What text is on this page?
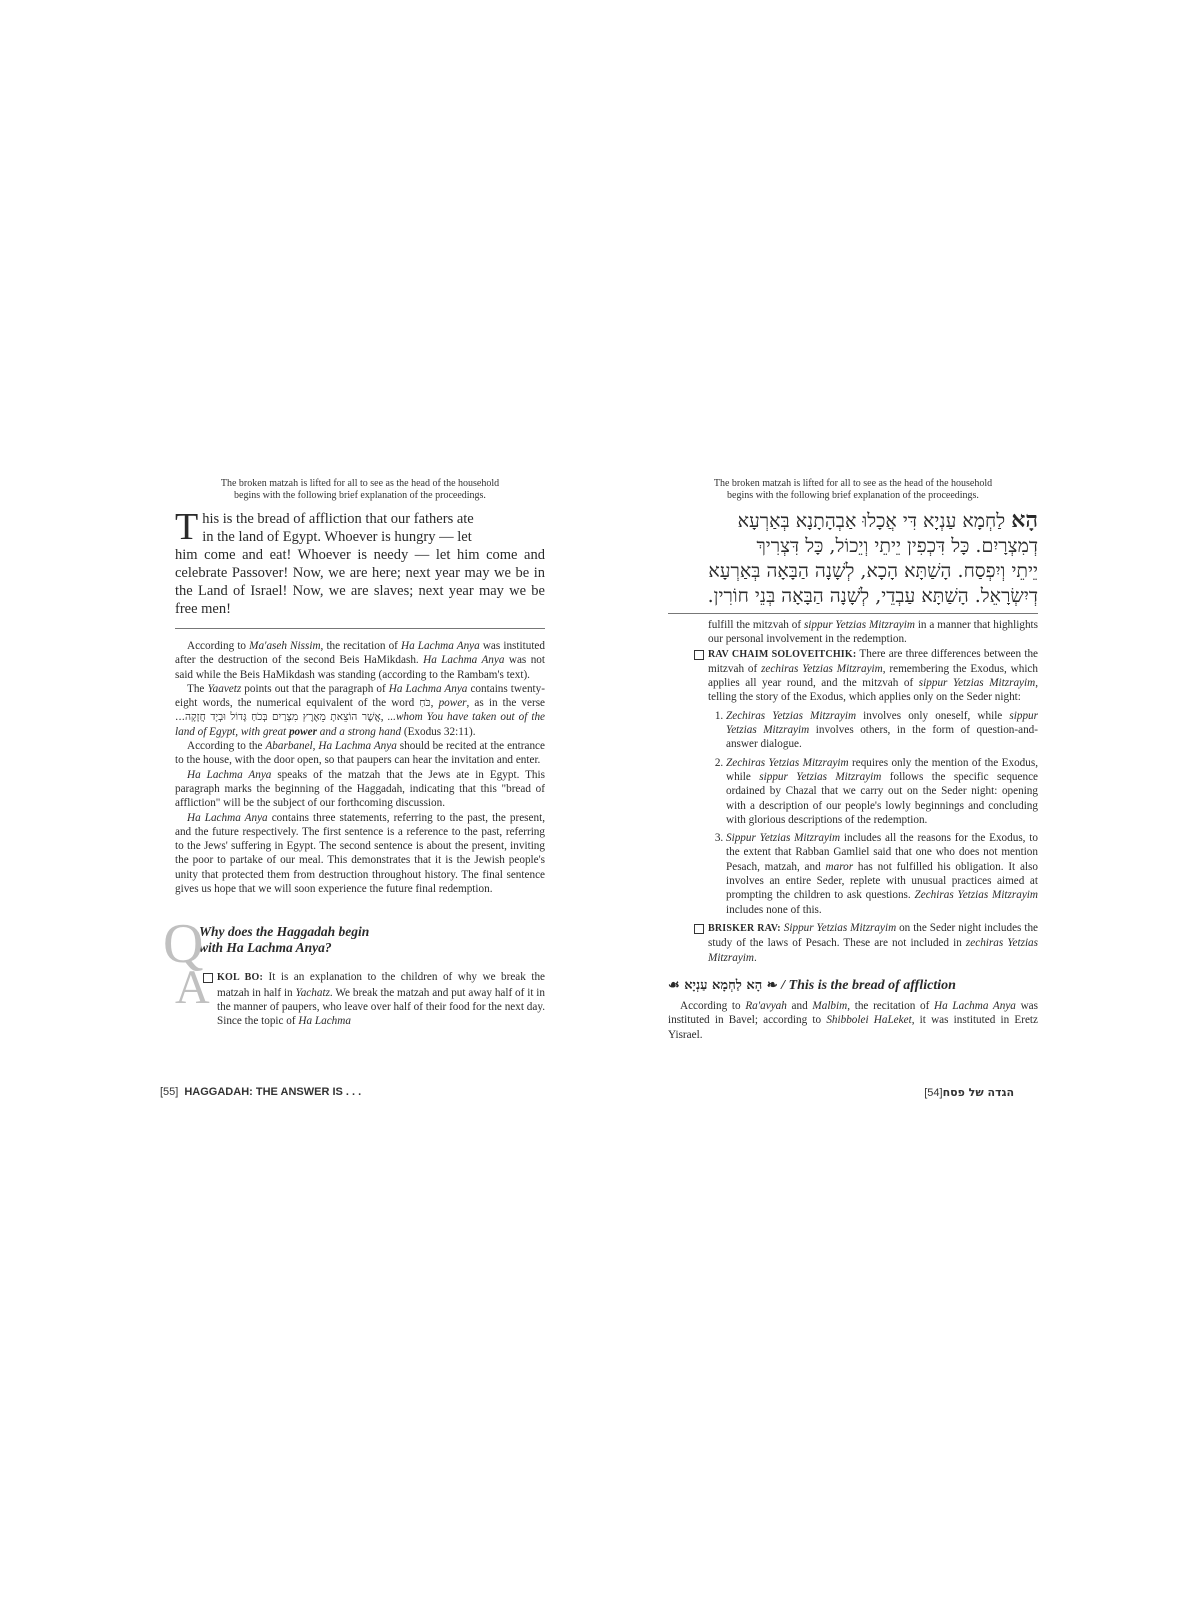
The broken matzah is lifted for all to see as the head of the household
begins with the following brief explanation of the proceedings.
T his is the bread of affliction that our fathers ate
in the land of Egypt. Whoever is hungry — let
him come and eat! Whoever is needy — let him come and celebrate Passover! Now, we are here; next year may we be in the Land of Israel! Now, we are slaves; next year may we be free men!

According to Ma'aseh Nissim, the recitation of Ha Lachma Anya was instituted after the destruction of the second Beis HaMikdash. Ha Lachma Anya was not said while the Beis HaMikdash was standing (according to the Rambam's text).

The Yaavetz points out that the paragraph of Ha Lachma Anya contains twenty-eight words, the numerical equivalent of the word כֹּחַ, power, as in the verse ...אֲשֶׁר הוֹצֵאתָ מֵאֶרֶץ מִצְרַיִם בְּכֹחַ גָּדוֹל וּבְיָד חֲזָקָה, ...whom You have taken out of the land of Egypt, with great power and a strong hand (Exodus 32:11).

According to the Abarbanel, Ha Lachma Anya should be recited at the entrance to the house, with the door open, so that paupers can hear the invitation and enter.

Ha Lachma Anya speaks of the matzah that the Jews ate in Egypt. This paragraph marks the beginning of the Haggadah, indicating that this "bread of affliction" will be the subject of our forthcoming discussion.

Ha Lachma Anya contains three statements, referring to the past, the present, and the future respectively. The first sentence is a reference to the past, referring to the Jews' suffering in Egypt. The second sentence is about the present, inviting the poor to partake of our meal. This demonstrates that it is the Jewish people's unity that protected them from destruction throughout history. The final sentence gives us hope that we will soon experience the future final redemption.

Q
Why does the Haggadah begin
with Ha Lachma Anya?
A KOL BO: It is an explanation to the children of why we break the matzah in half in Yachatz. We break the matzah and put away half of it in the manner of paupers, who leave over half of their food for the next day. Since the topic of Ha Lachma
[55] HAGGADAH: THE ANSWER IS . . .
The broken matzah is lifted for all to see as the head of the household
begins with the following brief explanation of the proceedings.
הָא לַחְמָא עַנְיָא דִּי אֲכָלוּ אַבְהָתָנָא בְּאַרְעָא
דְמִצְרָיִם. כָּל דִּכְפִין יֵיתֵי וְיֵכוֹל, כָּל דִּצְרִיךְ
יֵיתֵי וְיִפְסַח. הָשַׁתָּא הָכָא, לְשָׁנָה הַבָּאָה בְּאַרְעָא
דְיִשְׂרָאֵל. הָשַׁתָּא עַבְדֵי, לְשָׁנָה הַבָּאָה בְּנֵי חוֹרִין.
fulfill the mitzvah of sippur Yetzias Mitzrayim in a manner that highlights our personal involvement in the redemption.
RAV CHAIM SOLOVEITCHIK: There are three differences between the mitzvah of zechiras Yetzias Mitzrayim, remembering the Exodus, which applies all year round, and the mitzvah of sippur Yetzias Mitzrayim, telling the story of the Exodus, which applies only on the Seder night:
1. Zechiras Yetzias Mitzrayim involves only oneself, while sippur Yetzias Mitzrayim involves others, in the form of question-and-answer dialogue.
2. Zechiras Yetzias Mitzrayim requires only the mention of the Exodus, while sippur Yetzias Mitzrayim follows the specific sequence ordained by Chazal that we carry out on the Seder night: opening with a description of our people's lowly beginnings and concluding with glorious descriptions of the redemption.
3. Sippur Yetzias Mitzrayim includes all the reasons for the Exodus, to the extent that Rabban Gamliel said that one who does not mention Pesach, matzah, and maror has not fulfilled his obligation. It also involves an entire Seder, replete with unusual practices aimed at prompting the children to ask questions. Zechiras Yetzias Mitzrayim includes none of this.
BRISKER RAV: Sippur Yetzias Mitzrayim on the Seder night includes the study of the laws of Pesach. These are not included in zechiras Yetzias Mitzrayim.
☙ הָא לַחְמָא עַנְיָא ❧ / This is the bread of affliction

According to Ra'avyah and Malbim, the recitation of Ha Lachma Anya was instituted in Bavel; according to Shibbolei HaLeket, it was instituted in Eretz Yisrael.

הגדה של פסח[54]
